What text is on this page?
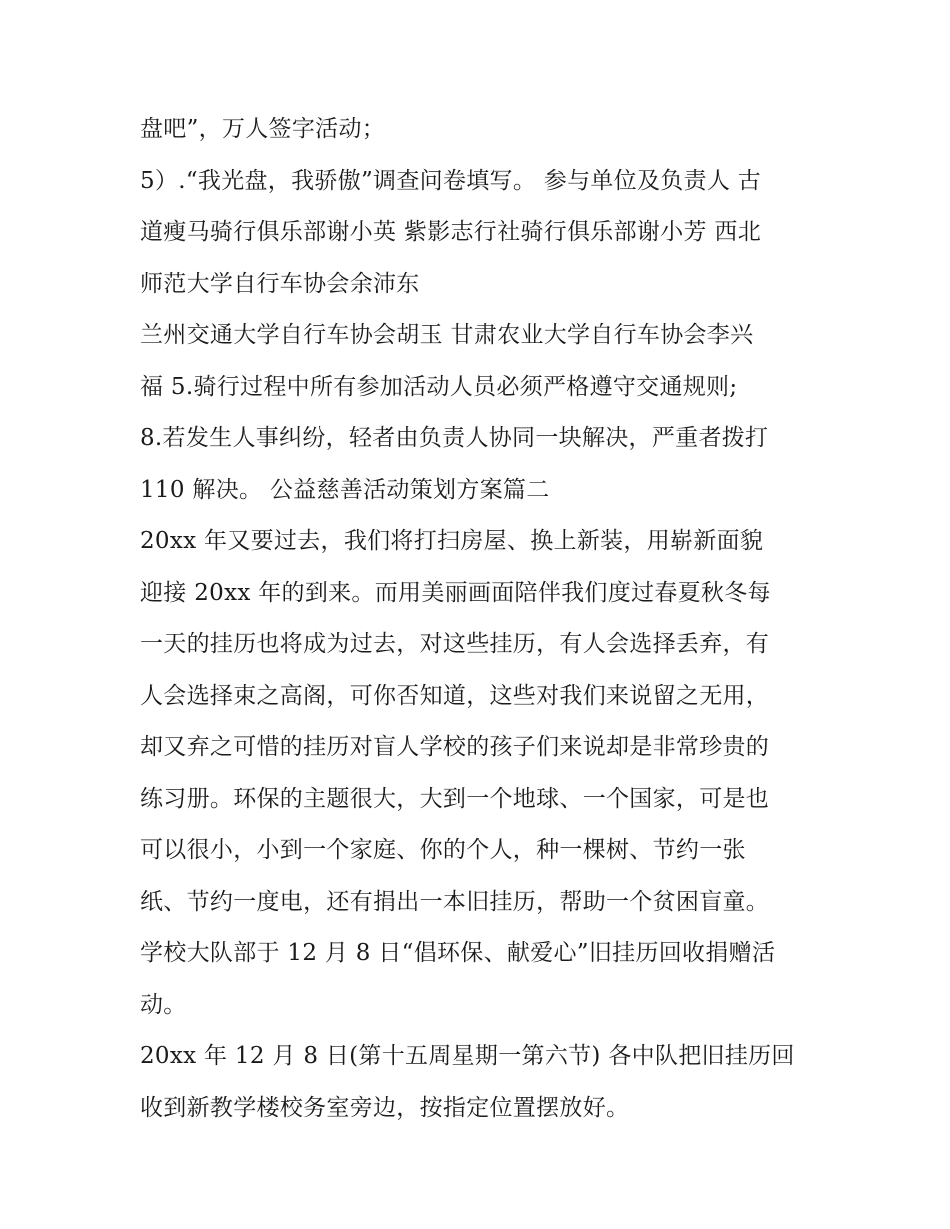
盘吧”，万人签字活动；
5）.“我光盘，我骄傲”调查问卷填写。 参与单位及负责人 古
道瘦马骑行俱乐部谢小英 紫影志行社骑行俱乐部谢小芳 西北
师范大学自行车协会余沛东
兰州交通大学自行车协会胡玉 甘肃农业大学自行车协会李兴
福 5.骑行过程中所有参加活动人员必须严格遵守交通规则;
8.若发生人事纠纷，轻者由负责人协同一块解决，严重者拨打
110 解决。 公益慈善活动策划方案篇二
20xx 年又要过去，我们将打扫房屋、换上新装，用崭新面貌
迎接 20xx 年的到来。而用美丽画面陪伴我们度过春夏秋冬每
一天的挂历也将成为过去，对这些挂历，有人会选择丢弃，有
人会选择束之高阁，可你否知道，这些对我们来说留之无用，
却又弃之可惜的挂历对盲人学校的孩子们来说却是非常珍贵的
练习册。环保的主题很大，大到一个地球、一个国家，可是也
可以很小，小到一个家庭、你的个人，种一棵树、节约一张
纸、节约一度电，还有捐出一本旧挂历，帮助一个贫困盲童。
学校大队部于 12 月 8 日“倡环保、献爱心”旧挂历回收捐赠活
动。
20xx 年 12 月 8 日(第十五周星期一第六节) 各中队把旧挂历回
收到新教学楼校务室旁边，按指定位置摆放好。
